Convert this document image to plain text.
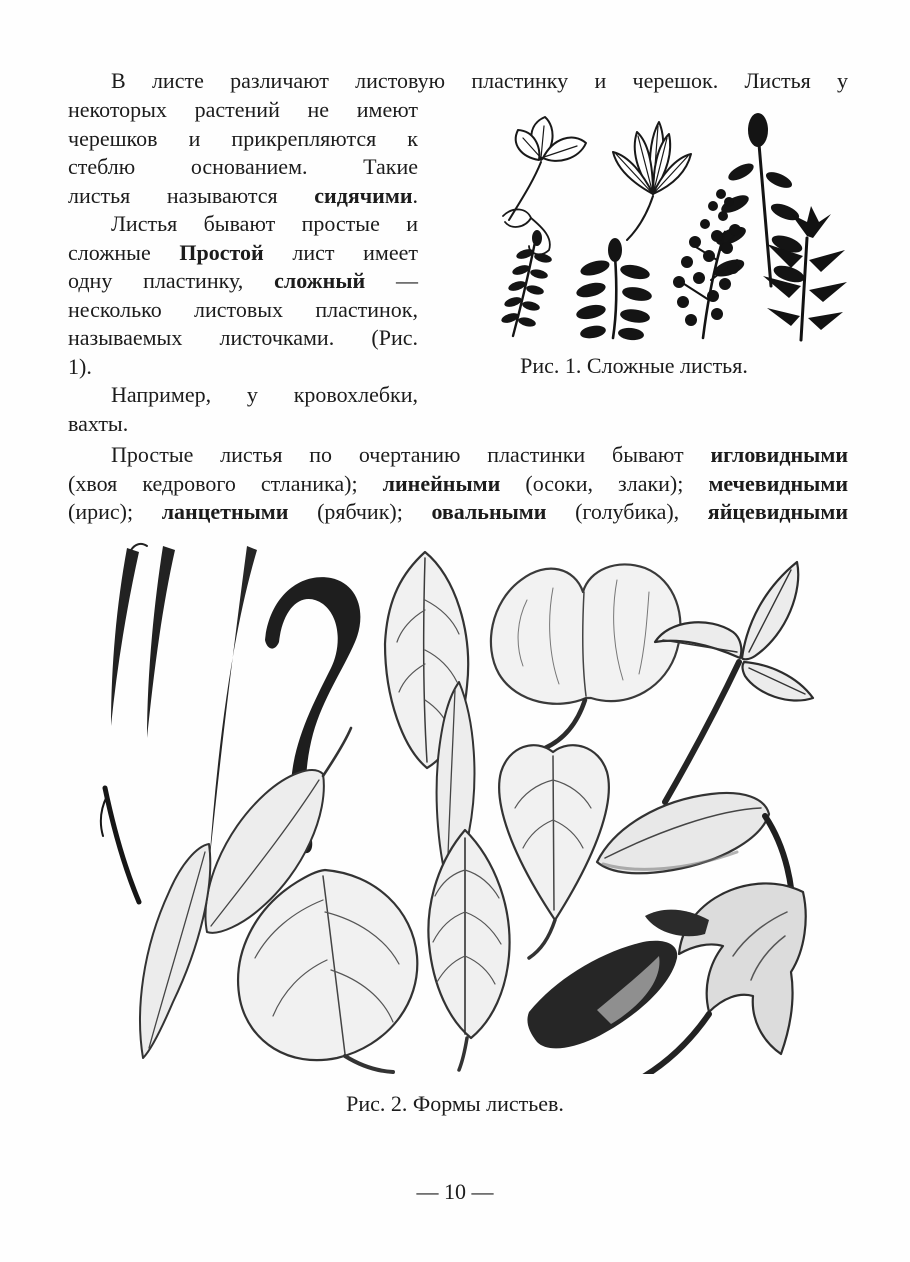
В листе различают листовую пластинку и черешок. Листья у
некоторых растений не имеют
черешков и прикрепляются к
стеблю основанием. Такие
листья называются сидячими.
Листья бывают простые и
сложные Простой лист имеет
одну пластинку, сложный —
несколько листовых пластинок,
называемых листочками. (Рис.
1).
Например, у кровохлебки,
вахты.
Простые листья по очертанию пластинки бывают игловидными
(хвоя кедрового стланика); линейными (осоки, злаки); мечевидными
(ирис); ланцетными (рябчик); овальными (голубика), яйцевидными
Рис. 1. Сложные листья.
Рис. 2. Формы листьев.
— 10 —
